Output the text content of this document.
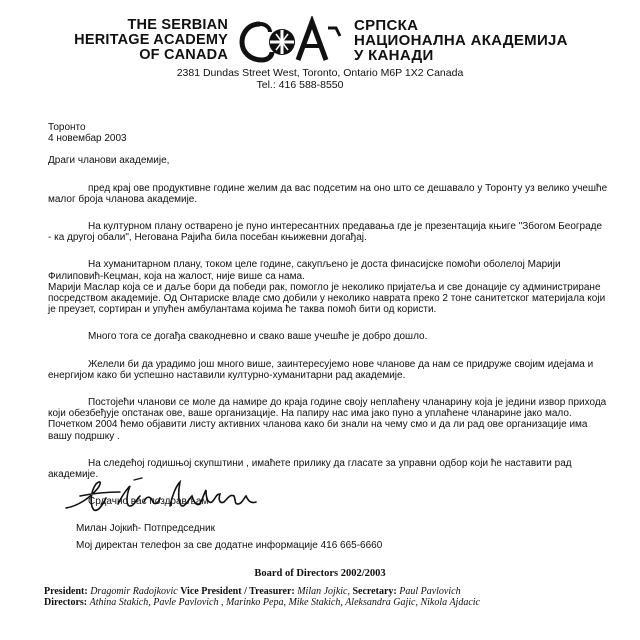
THE SERBIAN
HERITAGE ACADEMY
OF CANADA
СРПСКА
НАЦИОНАЛНА АКАДЕМИЈА
У КАНАДИ
2381 Dundas Street West, Toronto, Ontario M6P 1X2 Canada
Tel.: 416 588-8550
Торонто
4 новембар 2003
Драги чланови академије,
пред крај ове продуктивне године желим да вас подсетим на оно што се дешавало у Торонту уз велико учешће малог броја чланова академије.
На културном плану остварено је пуно интересантних предавања где је презентација књиге "Збогом Београде - ка другој обали", Негована Рајића била посебан књижевни догађај.
На хуманитарном плану, током целе године, сакупљено је доста финасијске помоћи оболелој Марији Филиповић-Кецман, која на жалост, није више са нама.
Марији Маслар која се и даље бори да победи рак, помогло је неколико пријатеља и све донације су администриране посредством академије. Од Онтариске владе смо добили у неколико навратa преко 2 тоне санитетског материјала који је преузет, сортиран и упућен амбулантама којима ће таква помоћ бити од користи.
Много тога се догађа свакодневно и свако ваше учешће је добро дошло.
Желели би да урадимо још много више, заинтересујемо нове чланове да нам се придруже својим идејама и енергијом како би успешно наставили културно-хуманитарни рад академије.
Постојећи чланови се моле да намире до краја године своју неплаћену чланарину која је једини извор прихода који обезбеђује опстанак ове, ваше организације. На папиру нас има јако пуно а уплаћене чланарине јако мало. Почетком 2004 ћемо објавити листу активних чланова како би знали на чему смо и да ли рад ове организације има вашу подршку .
На следећој годишњој скупштини , имаћете прилику да гласате за управни одбор који ће наставити рад академије.
Срдачно вас поздрављам
Милан Јојкић- Потпредседник
Мој директан телефон за све додатне информације 416 665-6660
Board of Directors 2002/2003
President: Dragomir Radojkovic Vice President / Treasurer: Milan Jojkic, Secretary: Paul Pavlovich
Directors: Athina Stakich, Pavle Pavlovich , Marinko Pepa, Mike Stakich, Aleksandra Gajic, Nikola Ajdacic
